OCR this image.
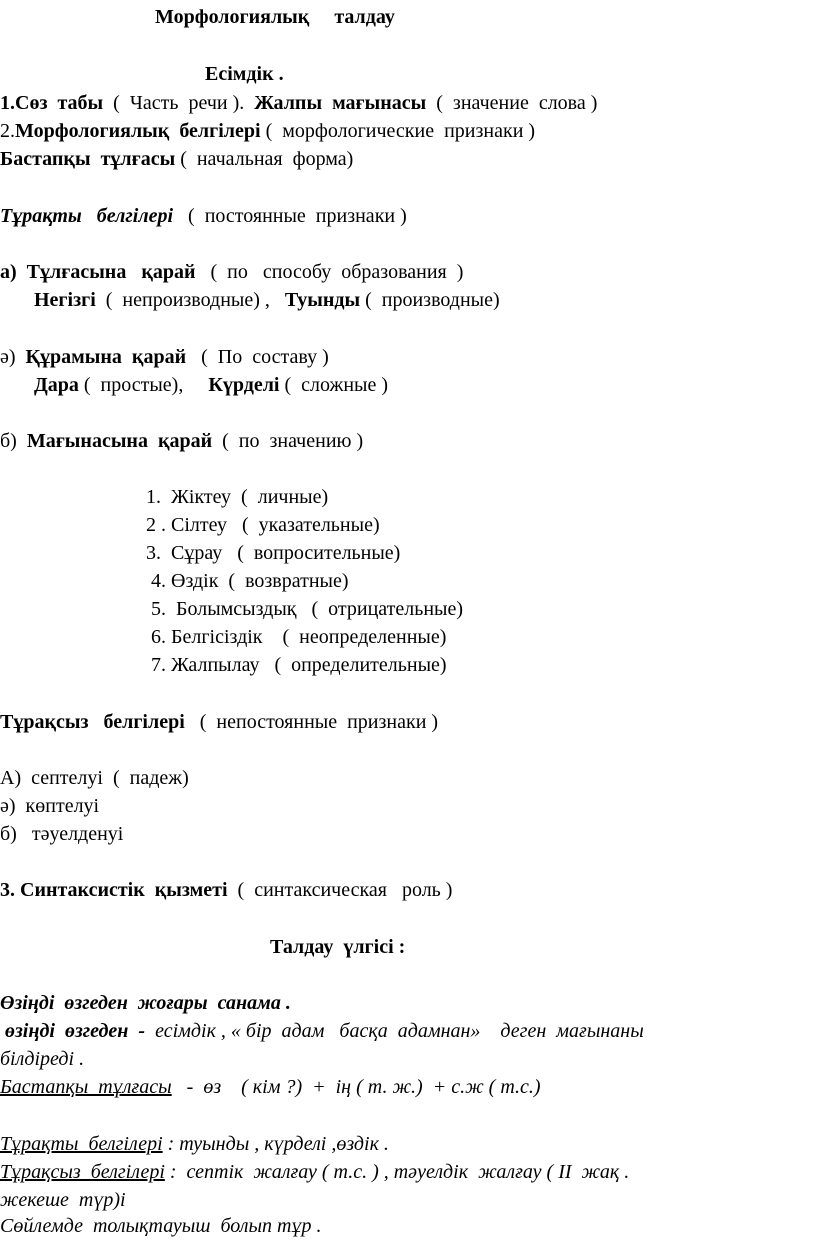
Морфологиялық     талдау
Есімдік .
1.Сөз  табы  (  Часть  речи ).  Жалпы  мағынасы  (  значение  слова )
2.Морфологиялық  белгілері (  морфологические  признаки )
Бастапқы  тұлғасы (  начальная  форма)
Тұрақты   белгілері   (  постоянные  признаки )
а)  Тұлғасына   қарай   (  по   способу  образования  )
Негізгі  (  непроизводные) ,   Туынды (  производные)
ә)  Құрамына  қарай   (  По  составу )
Дара (  простые),     Күрделі (  сложные )
б)  Мағынасына  қарай  (  по  значению )
1.  Жіктеу  (  личные)
2 . Сілтеу   (  указательные)
3.  Сұрау   (  вопросительные)
4. Өздік  (  возвратные)
5.  Болымсыздық   (  отрицательные)
6. Белгісіздік    (  неопределенные)
7. Жалпылау   (  определительные)
Тұрақсыз   белгілері   (  непостоянные  признаки )
А)  септелуі  (  падеж)
ә)  көптелуі
б)   тәуелденуі
3. Синтаксистік  қызметі  (  синтаксическая   роль )
Талдау  үлгісі :
Өзіңді  өзгеден  жоғары  санама .
өзіңді  өзгеден  -  есімдік , « бір  адам   басқа  адамнан»    деген  мағынаны
білдіреді .
Бастапқы  тұлғасы   -  өз    ( кім ?)  +  ің ( т. ж.)  + с.ж ( т.с.)
Тұрақты  белгілері : туынды , күрделі ,өздік .
Тұрақсыз  белгілері :  септік  жалғау ( т.с. ) , тәуелдік  жалғау ( ІІ  жақ .
жекеше  түр)і
Сөйлемде  толықтауыш  болып тұр .
